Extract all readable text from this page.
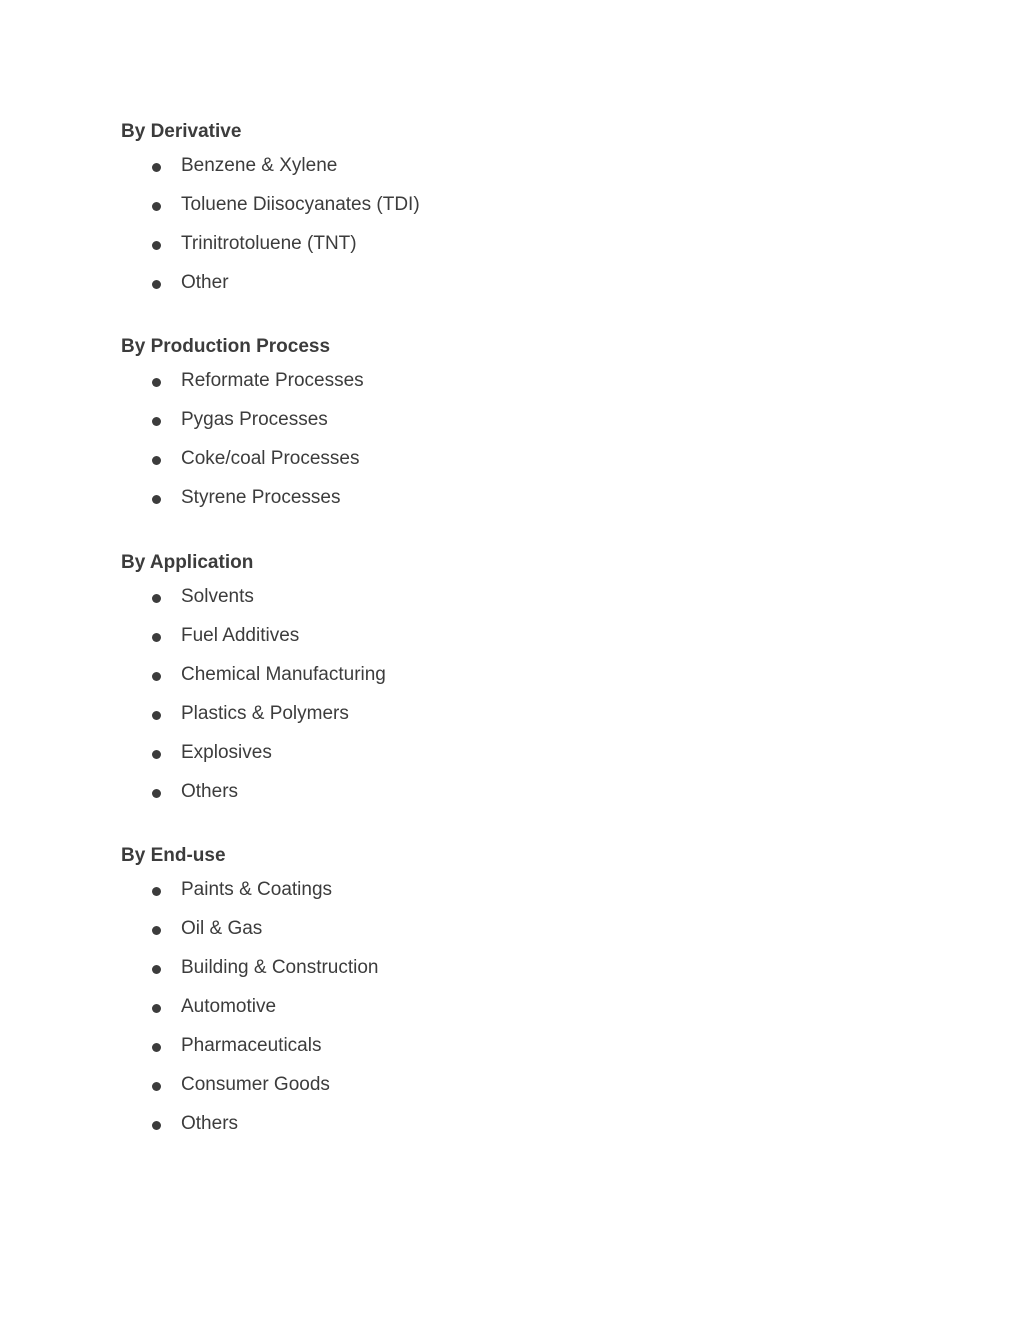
By Derivative
Benzene & Xylene
Toluene Diisocyanates (TDI)
Trinitrotoluene (TNT)
Other
By Production Process
Reformate Processes
Pygas Processes
Coke/coal Processes
Styrene Processes
By Application
Solvents
Fuel Additives
Chemical Manufacturing
Plastics & Polymers
Explosives
Others
By End-use
Paints & Coatings
Oil & Gas
Building & Construction
Automotive
Pharmaceuticals
Consumer Goods
Others
